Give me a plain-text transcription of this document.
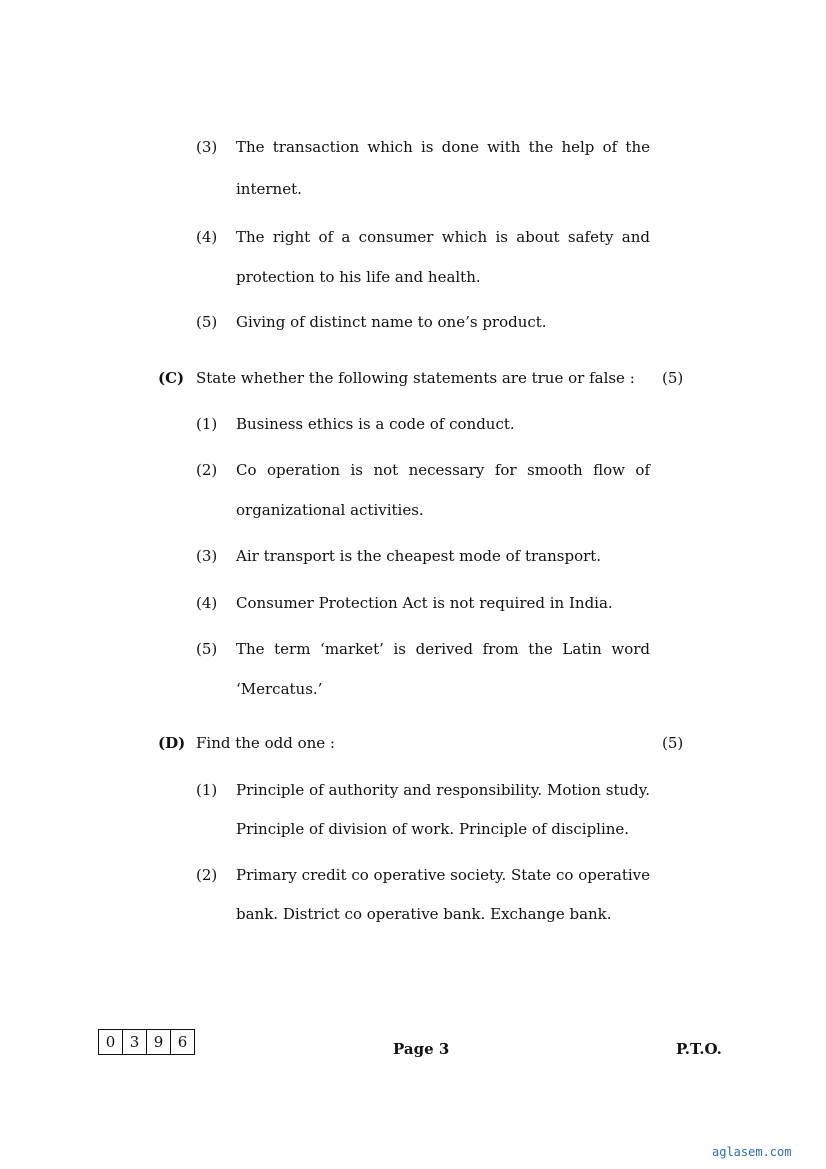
(3) The transaction which is done with the help of the
internet.
(4) The right of a consumer which is about safety and
protection to his life and health.
(5) Giving of distinct name to one’s product.
(C) State whether the following statements are true or false : (5)
(1) Business ethics is a code of conduct.
(2) Co operation is not necessary for smooth flow of
organizational activities.
(3) Air transport is the cheapest mode of transport.
(4) Consumer Protection Act is not required in India.
(5) The term ‘market’ is derived from the Latin word
‘Mercatus.’
(D) Find the odd one :	(5)
(1) Principle of authority and responsibility. Motion study.
Principle of division of work. Principle of discipline.
(2) Primary credit co operative society. State co operative
bank. District co operative bank. Exchange bank.
0 3 9 6	Page 3	P.T.O.
aglasem.com
